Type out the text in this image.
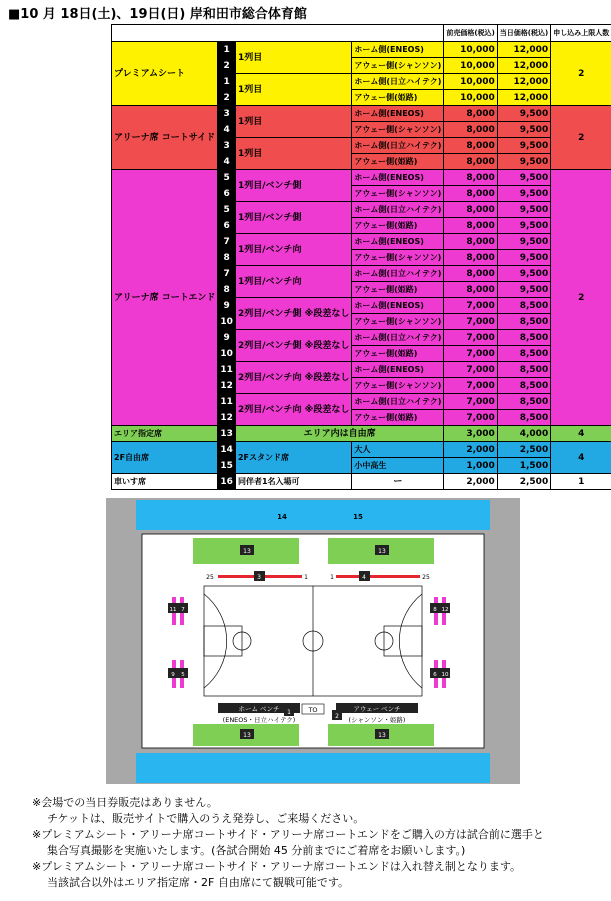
■10 月 18日(土)、19日(日) 岸和田市総合体育館
席 種				前売価格(税込)	当日価格(税込)	申し込み上限人数
プレミアムシート	1	1列目	ホーム側(ENEOS)	10,000	12,000	2
	2		アウェー側(シャンソン)	10,000	12,000	
	1	1列目	ホーム側(日立ハイテク)	10,000	12,000	
	2		アウェー側(姫路)	10,000	12,000	
アリーナ席 コートサイド	3	1列目	ホーム側(ENEOS)	8,000	9,500	2
	4		アウェー側(シャンソン)	8,000	9,500	
	3	1列目	ホーム側(日立ハイテク)	8,000	9,500	
	4		アウェー側(姫路)	8,000	9,500	
アリーナ席 コートエンド	5	1列目/ベンチ側	ホーム側(ENEOS)	8,000	9,500	2
	6		アウェー側(シャンソン)	8,000	9,500	
	5	1列目/ベンチ側	ホーム側(日立ハイテク)	8,000	9,500	
	6		アウェー側(姫路)	8,000	9,500	
	7	1列目/ベンチ向	ホーム側(ENEOS)	8,000	9,500	
	8		アウェー側(シャンソン)	8,000	9,500	
	7	1列目/ベンチ向	ホーム側(日立ハイテク)	8,000	9,500	
	8		アウェー側(姫路)	8,000	9,500	
	9	2列目/ベンチ側 ※段差なし	ホーム側(ENEOS)	7,000	8,500	
	10		アウェー側(シャンソン)	7,000	8,500	
	9	2列目/ベンチ側 ※段差なし	ホーム側(日立ハイテク)	7,000	8,500	
	10		アウェー側(姫路)	7,000	8,500	
	11	2列目/ベンチ向 ※段差なし	ホーム側(ENEOS)	7,000	8,500	
	12		アウェー側(シャンソン)	7,000	8,500	
	11	2列目/ベンチ向 ※段差なし	ホーム側(日立ハイテク)	7,000	8,500	
	12		アウェー側(姫路)	7,000	8,500	
エリア指定席	13	エリア内は自由席		3,000	4,000	4
2F自由席	14	2Fスタンド席	大人	2,000	2,500	4
	15		小中高生	1,000	1,500	
車いす席	16	同伴者1名入場可	ー	2,000	2,500	1
14	15
13	13
13	13
3	4
25	1	1	25
11 7
9 5
8 12
6 10
ホーム ベンチ	アウェー ベンチ
TO
1
2
(ENEOS・日立ハイテク)	(シャンソン・姫路)

※会場での当日券販売はありません。

チケットは、販売サイトで購入のうえ発券し、ご来場ください。

※プレミアムシート・アリーナ席コートサイド・アリーナ席コートエンドをご購入の方は試合前に選手と

集合写真撮影を実施いたします。(各試合開始 45 分前までにご着席をお願いします。)

※プレミアムシート・アリーナ席コートサイド・アリーナ席コートエンドは入れ替え制となります。

当該試合以外はエリア指定席・2F 自由席にて観戦可能です。
